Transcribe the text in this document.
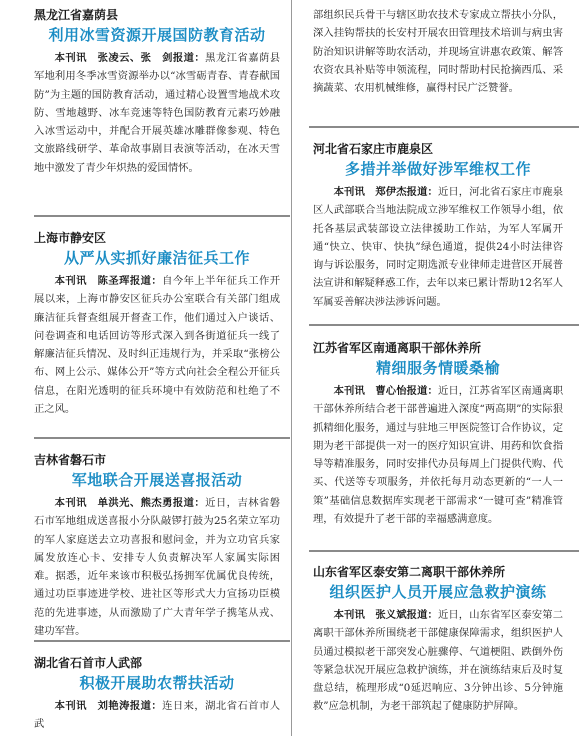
黑龙江省嘉荫县
利用冰雪资源开展国防教育活动
本刊讯　张凌云、张　剑报道：黑龙江省嘉荫县军地利用冬季冰雪资源举办以“冰雪砺青春、青春献国防”为主题的国防教育活动，通过精心设置雪地战术攻防、雪地越野、冰车竞速等特色国防教育元素巧妙融入冰雪运动中，并配合开展英雄冰雕群像参观、特色文旅路线研学、革命故事剧目表演等活动，在冰天雪地中激发了青少年炽热的爱国情怀。
上海市静安区
从严从实抓好廉洁征兵工作
本刊讯　陈圣珲报道：自今年上半年征兵工作开展以来，上海市静安区征兵办公室联合有关部门组成廉洁征兵督查组展开督查工作，他们通过入户谈话、问卷调查和电话回访等形式深入到各街道征兵一线了解廉洁征兵情况、及时纠正违规行为，并采取“张榜公布、网上公示、媒体公开”等方式向社会全程公开征兵信息，在阳光透明的征兵环境中有效防范和杜绝了不正之风。
吉林省磐石市
军地联合开展送喜报活动
本刊讯　单洪光、熊杰勇报道：近日，吉林省磐石市军地组成送喜报小分队敲锣打鼓为25名荣立军功的军人家庭送去立功喜报和慰问金，并为立功官兵家属发放连心卡、安排专人负责解决军人家属实际困难。据悉，近年来该市积极弘扬拥军优属优良传统，通过功臣事迹进学校、进社区等形式大力宣扬功臣模范的先进事迹，从而激励了广大青年学子携笔从戎、建功军营。
湖北省石首市人武部
积极开展助农帮扶活动
本刊讯　刘艳涛报道：连日来，湖北省石首市人武
部组织民兵骨干与辖区助农技术专家成立帮扶小分队，深入挂钩帮扶的长安村开展农田管理技术培训与病虫害防治知识讲解等助农活动，并现场宣讲惠农政策、解答农资农具补贴等申领流程，同时帮助村民抢摘西瓜、采摘蔬菜、农用机械维修，赢得村民广泛赞誉。
河北省石家庄市鹿泉区
多措并举做好涉军维权工作
本刊讯　郑伊杰报道：近日，河北省石家庄市鹿泉区人武部联合当地法院成立涉军维权工作领导小组，依托各基层武装部设立法律援助工作站，为军人军属开通“快立、快审、快执”绿色通道，提供24小时法律咨询与诉讼服务，同时定期选派专业律师走进营区开展普法宣讲和解疑释惑工作，去年以来已累计帮助12名军人军属妥善解决涉法涉诉问题。
江苏省军区南通离职干部休养所
精细服务情暖桑榆
本刊讯　曹心怡报道：近日，江苏省军区南通离职干部休养所结合老干部普遍进入深度“两高期”的实际狠抓精细化服务，通过与驻地三甲医院签订合作协议，定期为老干部提供一对一的医疗知识宣讲、用药和饮食指导等精准服务，同时安排代办员每周上门提供代购、代买、代送等专项服务，并依托每月动态更新的“一人一策”基础信息数据库实现老干部需求“一键可查”精准管理，有效提升了老干部的幸福感满意度。
山东省军区泰安第二离职干部休养所
组织医护人员开展应急救护演练
本刊讯　张义斌报道：近日，山东省军区泰安第二离职干部休养所围绕老干部健康保障需求，组织医护人员通过模拟老干部突发心脏骤停、气道梗阻、跌倒外伤等紧急状况开展应急救护演练，并在演练结束后及时复盘总结，梳理形成“0延迟响应、3分钟出诊、5分钟施救”应急机制，为老干部筑起了健康防护屏障。
